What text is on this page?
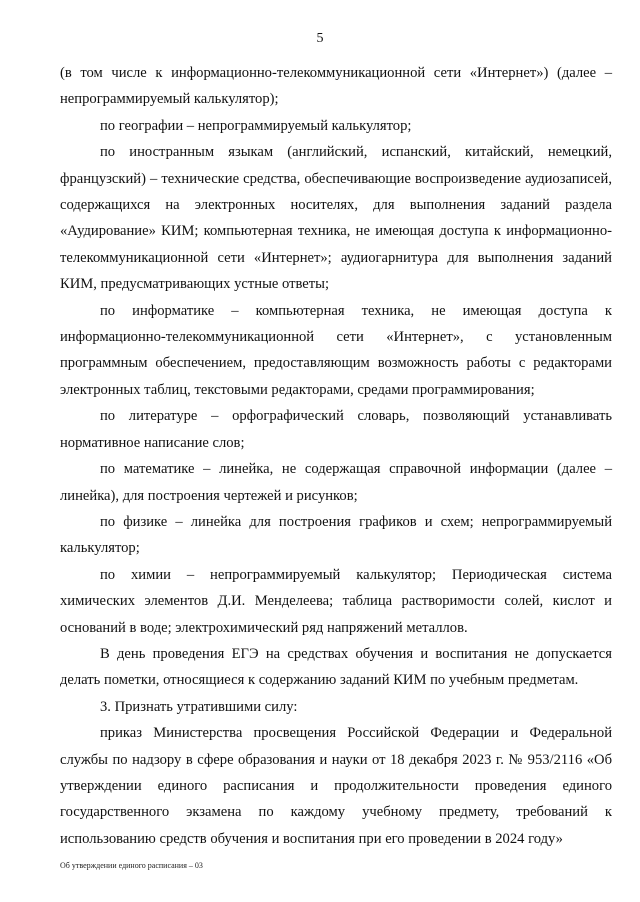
5

(в том числе к информационно-телекоммуникационной сети «Интернет») (далее – непрограммируемый калькулятор);

по географии – непрограммируемый калькулятор;

по иностранным языкам (английский, испанский, китайский, немецкий, французский) – технические средства, обеспечивающие воспроизведение аудиозаписей, содержащихся на электронных носителях, для выполнения заданий раздела «Аудирование» КИМ; компьютерная техника, не имеющая доступа к информационно-телекоммуникационной сети «Интернет»; аудиогарнитура для выполнения заданий КИМ, предусматривающих устные ответы;

по информатике – компьютерная техника, не имеющая доступа к информационно-телекоммуникационной сети «Интернет», с установленным программным обеспечением, предоставляющим возможность работы с редакторами электронных таблиц, текстовыми редакторами, средами программирования;

по литературе – орфографический словарь, позволяющий устанавливать нормативное написание слов;

по математике – линейка, не содержащая справочной информации (далее – линейка), для построения чертежей и рисунков;

по физике – линейка для построения графиков и схем; непрограммируемый калькулятор;

по химии – непрограммируемый калькулятор; Периодическая система химических элементов Д.И. Менделеева; таблица растворимости солей, кислот и оснований в воде; электрохимический ряд напряжений металлов.

В день проведения ЕГЭ на средствах обучения и воспитания не допускается делать пометки, относящиеся к содержанию заданий КИМ по учебным предметам.

3. Признать утратившими силу:

приказ Министерства просвещения Российской Федерации и Федеральной службы по надзору в сфере образования и науки от 18 декабря 2023 г. № 953/2116 «Об утверждении единого расписания и продолжительности проведения единого государственного экзамена по каждому учебному предмету, требований к использованию средств обучения и воспитания при его проведении в 2024 году»

Об утверждении единого расписания – 03
